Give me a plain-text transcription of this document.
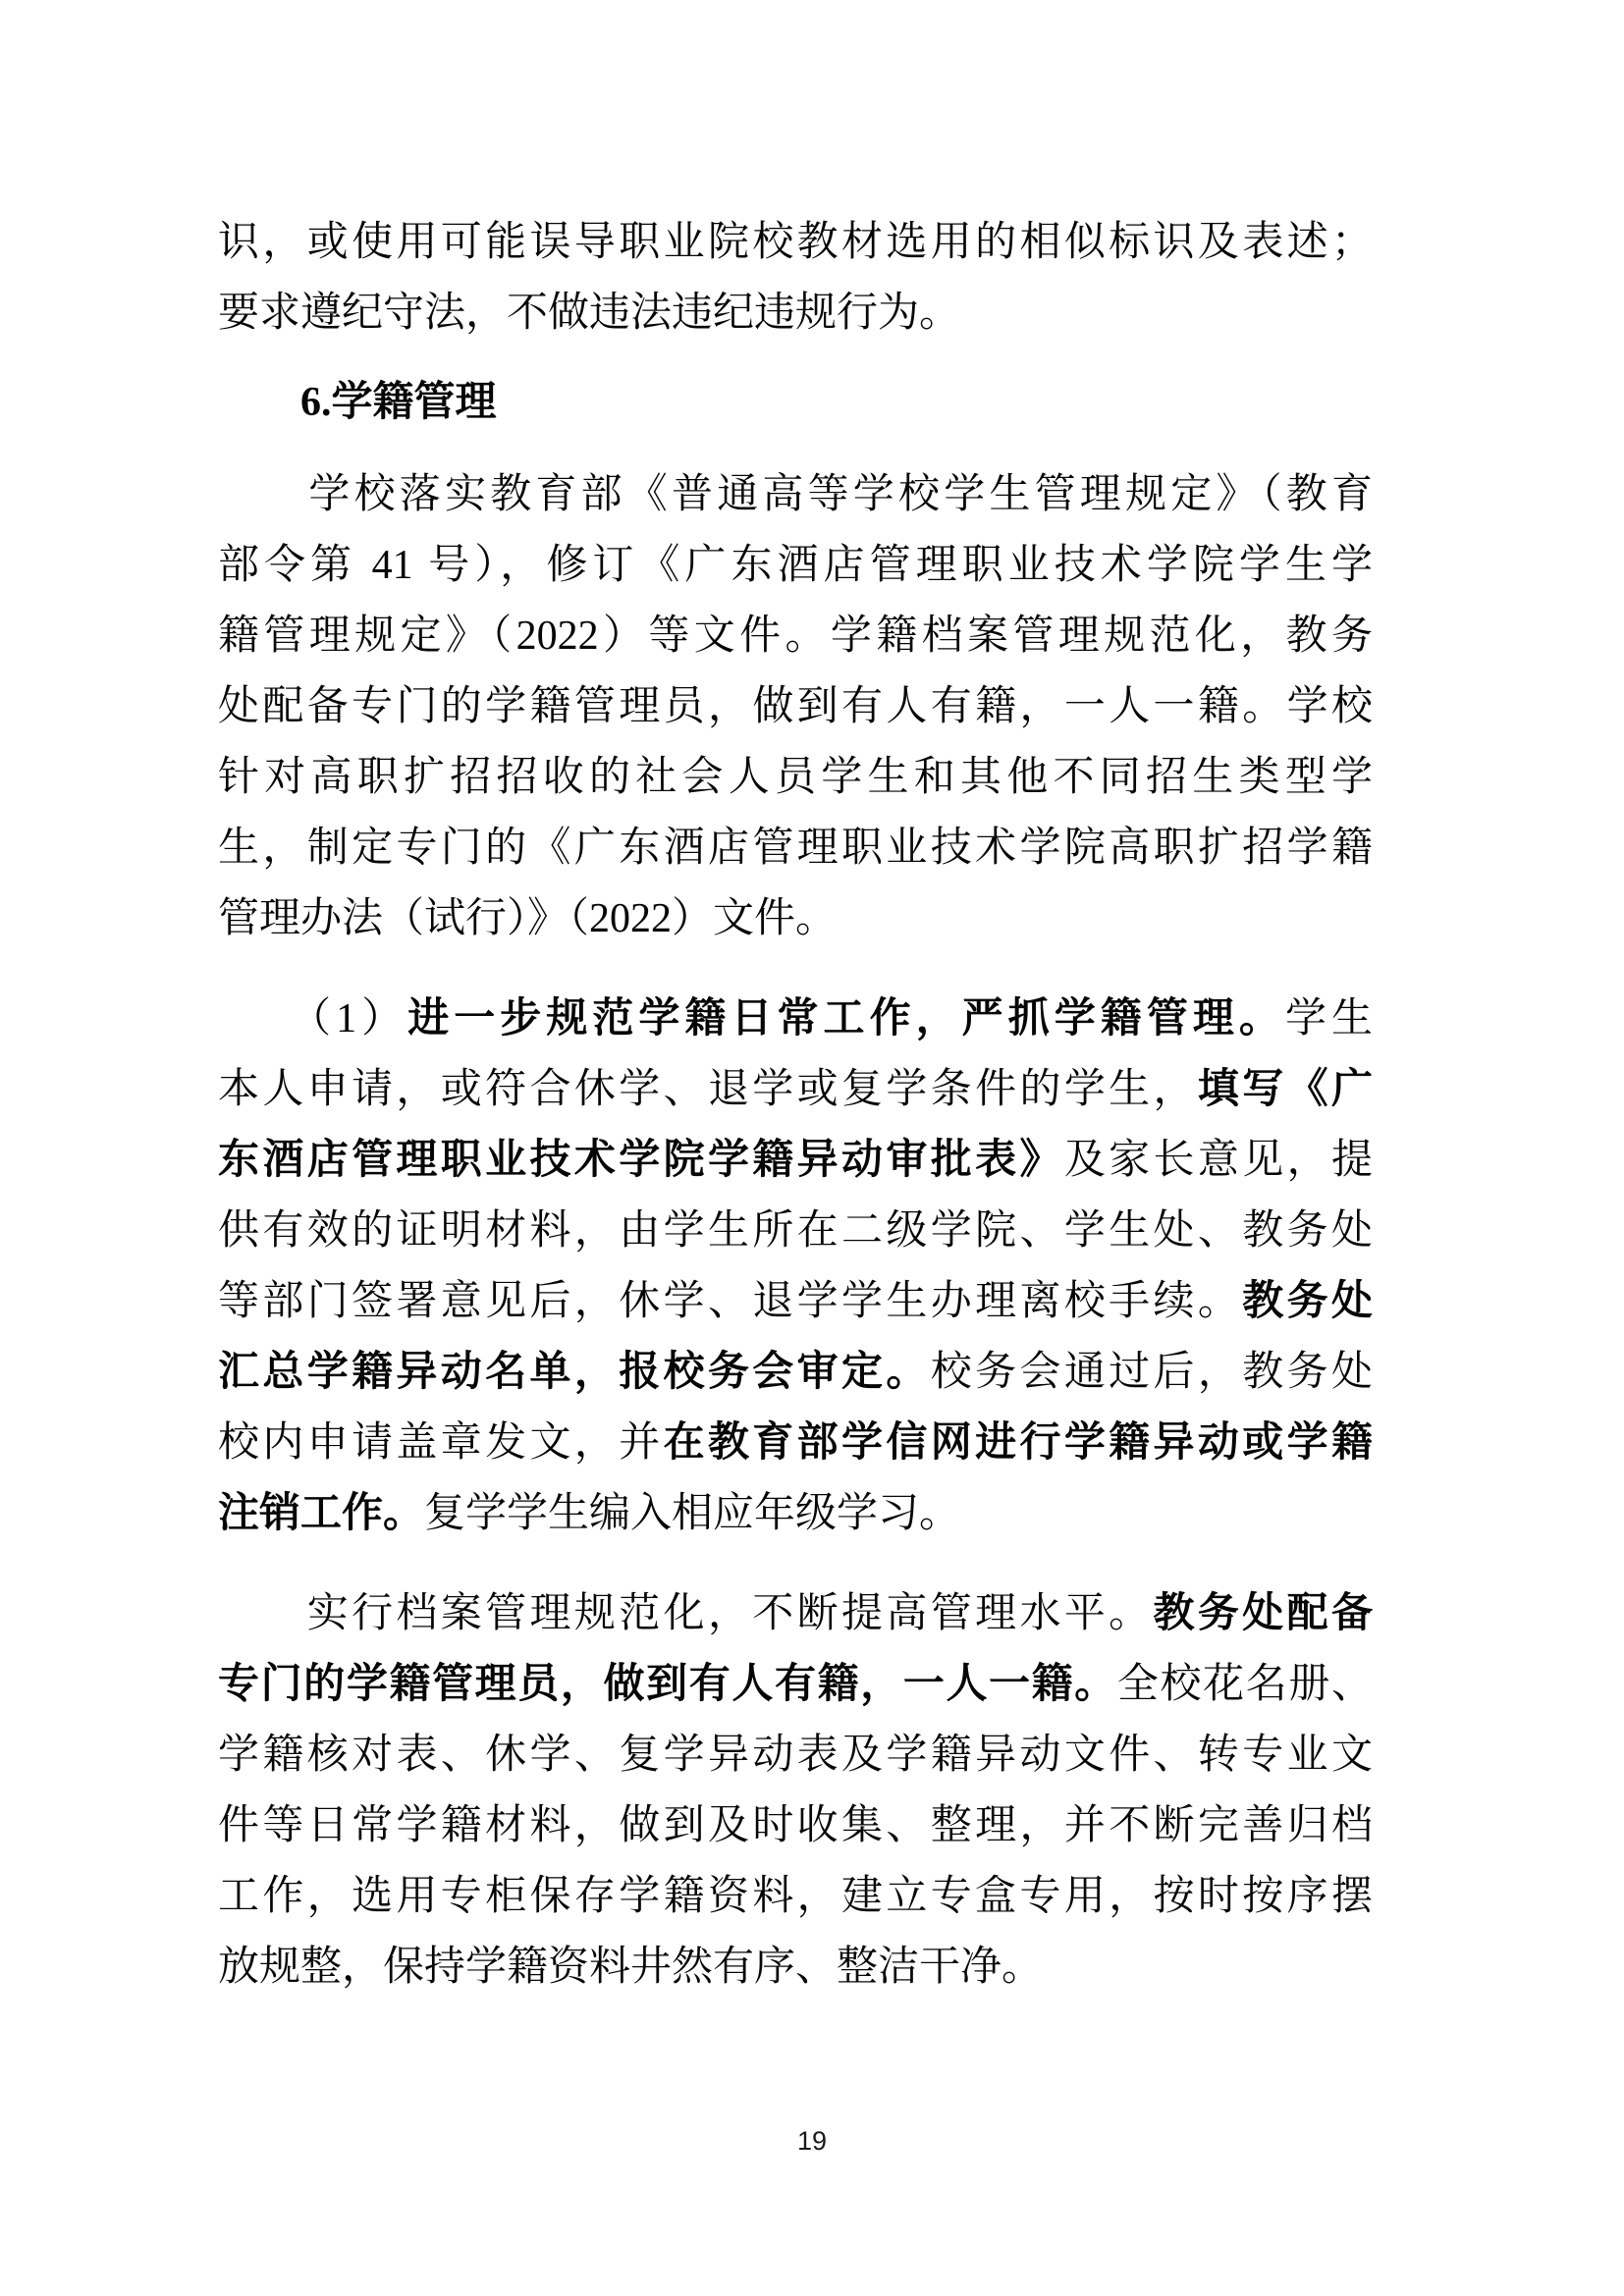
识，或使用可能误导职业院校教材选用的相似标识及表述；
要求遵纪守法，不做违法违纪违规行为。
　　6.学籍管理
　　学校落实教育部《普通高等学校学生管理规定》（教育
部令第 41 号），修订《广东酒店管理职业技术学院学生学
籍管理规定》（2022）等文件。学籍档案管理规范化，教务
处配备专门的学籍管理员，做到有人有籍，一人一籍。学校
针对高职扩招招收的社会人员学生和其他不同招生类型学
生，制定专门的《广东酒店管理职业技术学院高职扩招学籍
管理办法（试行）》（2022）文件。
　　（1）进一步规范学籍日常工作，严抓学籍管理。学生
本人申请，或符合休学、退学或复学条件的学生，填写《广
东酒店管理职业技术学院学籍异动审批表》及家长意见，提
供有效的证明材料，由学生所在二级学院、学生处、教务处
等部门签署意见后，休学、退学学生办理离校手续。教务处
汇总学籍异动名单，报校务会审定。校务会通过后，教务处
校内申请盖章发文，并在教育部学信网进行学籍异动或学籍
注销工作。复学学生编入相应年级学习。
　　实行档案管理规范化，不断提高管理水平。教务处配备
专门的学籍管理员，做到有人有籍，一人一籍。全校花名册、
学籍核对表、休学、复学异动表及学籍异动文件、转专业文
件等日常学籍材料，做到及时收集、整理，并不断完善归档
工作，选用专柜保存学籍资料，建立专盒专用，按时按序摆
放规整，保持学籍资料井然有序、整洁干净。
19
